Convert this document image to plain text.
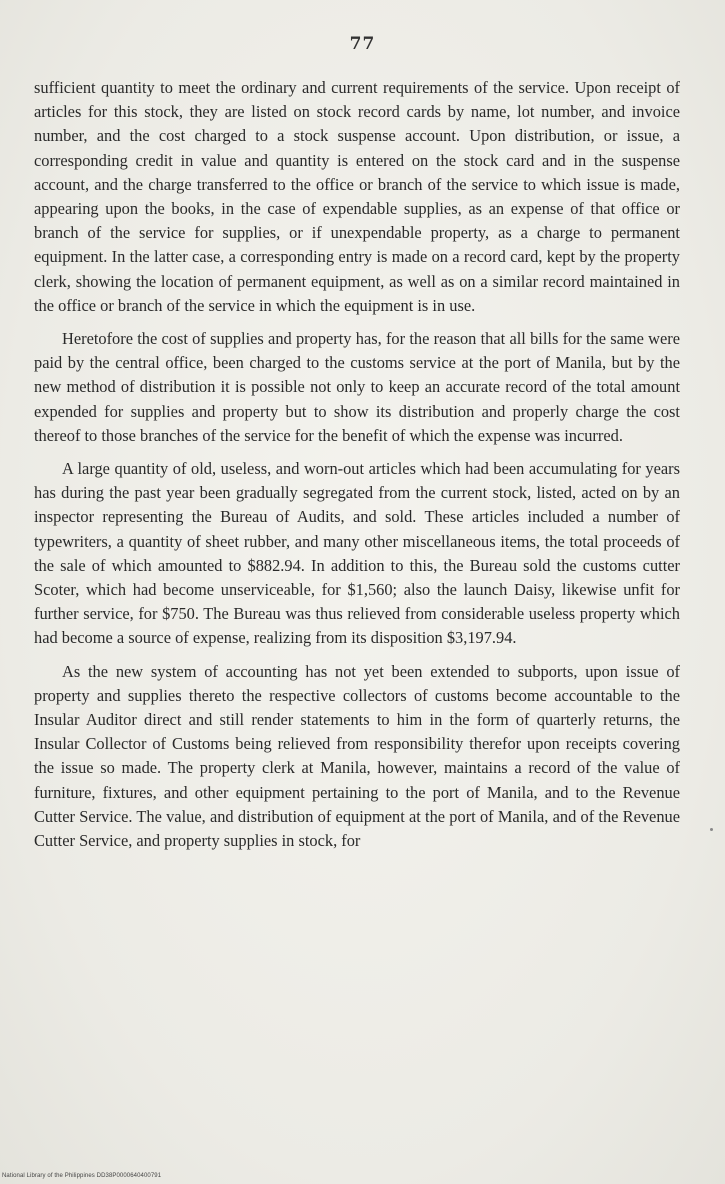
77

sufficient quantity to meet the ordinary and current requirements of the service. Upon receipt of articles for this stock, they are listed on stock record cards by name, lot number, and invoice number, and the cost charged to a stock suspense account. Upon distribution, or issue, a corresponding credit in value and quantity is entered on the stock card and in the suspense account, and the charge transferred to the office or branch of the service to which issue is made, appearing upon the books, in the case of expendable supplies, as an expense of that office or branch of the service for supplies, or if unexpendable property, as a charge to permanent equipment. In the latter case, a corresponding entry is made on a record card, kept by the property clerk, showing the location of permanent equipment, as well as on a similar record maintained in the office or branch of the service in which the equipment is in use.

Heretofore the cost of supplies and property has, for the reason that all bills for the same were paid by the central office, been charged to the customs service at the port of Manila, but by the new method of distribution it is possible not only to keep an accurate record of the total amount expended for supplies and property but to show its distribution and properly charge the cost thereof to those branches of the service for the benefit of which the expense was incurred.

A large quantity of old, useless, and worn-out articles which had been accumulating for years has during the past year been gradually segregated from the current stock, listed, acted on by an inspector representing the Bureau of Audits, and sold. These articles included a number of typewriters, a quantity of sheet rubber, and many other miscellaneous items, the total proceeds of the sale of which amounted to $882.94. In addition to this, the Bureau sold the customs cutter Scoter, which had become unserviceable, for $1,560; also the launch Daisy, likewise unfit for further service, for $750. The Bureau was thus relieved from considerable useless property which had become a source of expense, realizing from its disposition $3,197.94.

As the new system of accounting has not yet been extended to subports, upon issue of property and supplies thereto the respective collectors of customs become accountable to the Insular Auditor direct and still render statements to him in the form of quarterly returns, the Insular Collector of Customs being relieved from responsibility therefor upon receipts covering the issue so made. The property clerk at Manila, however, maintains a record of the value of furniture, fixtures, and other equipment pertaining to the port of Manila, and to the Revenue Cutter Service. The value, and distribution of equipment at the port of Manila, and of the Revenue Cutter Service, and property supplies in stock, for

National Library of the Philippines DD38P0000640400791
